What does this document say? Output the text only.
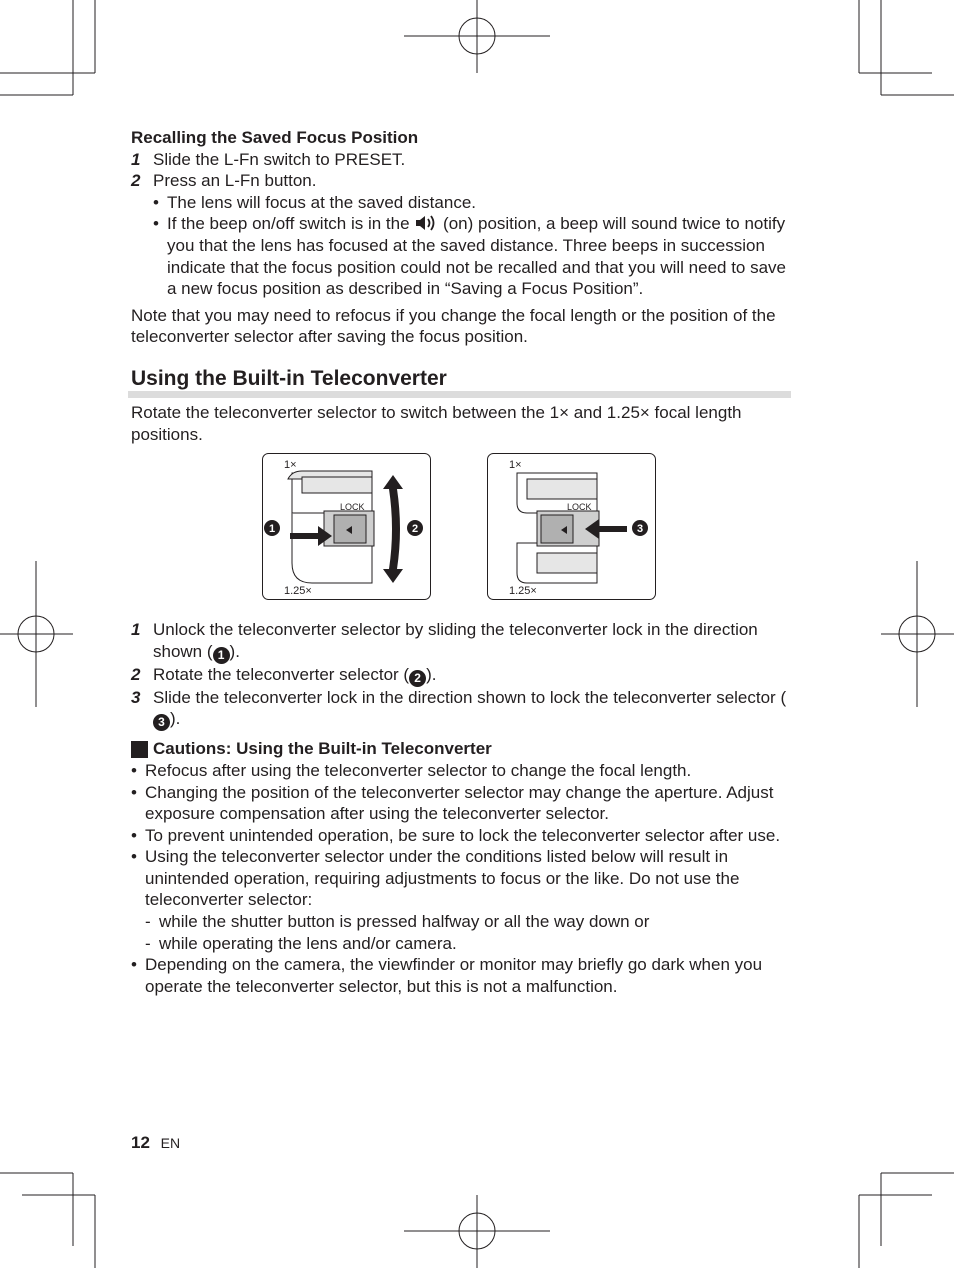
Recalling the Saved Focus Position

1 Slide the L-Fn switch to PRESET.
2 Press an L-Fn button.
• The lens will focus at the saved distance.
• If the beep on/off switch is in the (on) position, a beep will sound twice to notify you that the lens has focused at the saved distance. Three beeps in succession indicate that the focus position could not be recalled and that you will need to save a new focus position as described in “Saving a Focus Position”.

Note that you may need to refocus if you change the focal length or the position of the teleconverter selector after saving the focus position.

Using the Built-in Teleconverter

Rotate the teleconverter selector to switch between the 1× and 1.25× focal length positions.

1×
1.25×
LOCK
1	2
1×
1.25×
LOCK
3
1 Unlock the teleconverter selector by sliding the teleconverter lock in the direction shown ( 1 ).
2 Rotate the teleconverter selector ( 2 ).
3 Slide the teleconverter lock in the direction shown to lock the teleconverter selector (3 ).
Cautions: Using the Built-in Teleconverter
• Refocus after using the teleconverter selector to change the focal length.
• Changing the position of the teleconverter selector may change the aperture. Adjust exposure compensation after using the teleconverter selector.
• To prevent unintended operation, be sure to lock the teleconverter selector after use.
• Using the teleconverter selector under the conditions listed below will result in unintended operation, requiring adjustments to focus or the like. Do not use the teleconverter selector:
- while the shutter button is pressed halfway or all the way down or
- while operating the lens and/or camera.
• Depending on the camera, the viewfinder or monitor may briefly go dark when you operate the teleconverter selector, but this is not a malfunction.
12 EN
